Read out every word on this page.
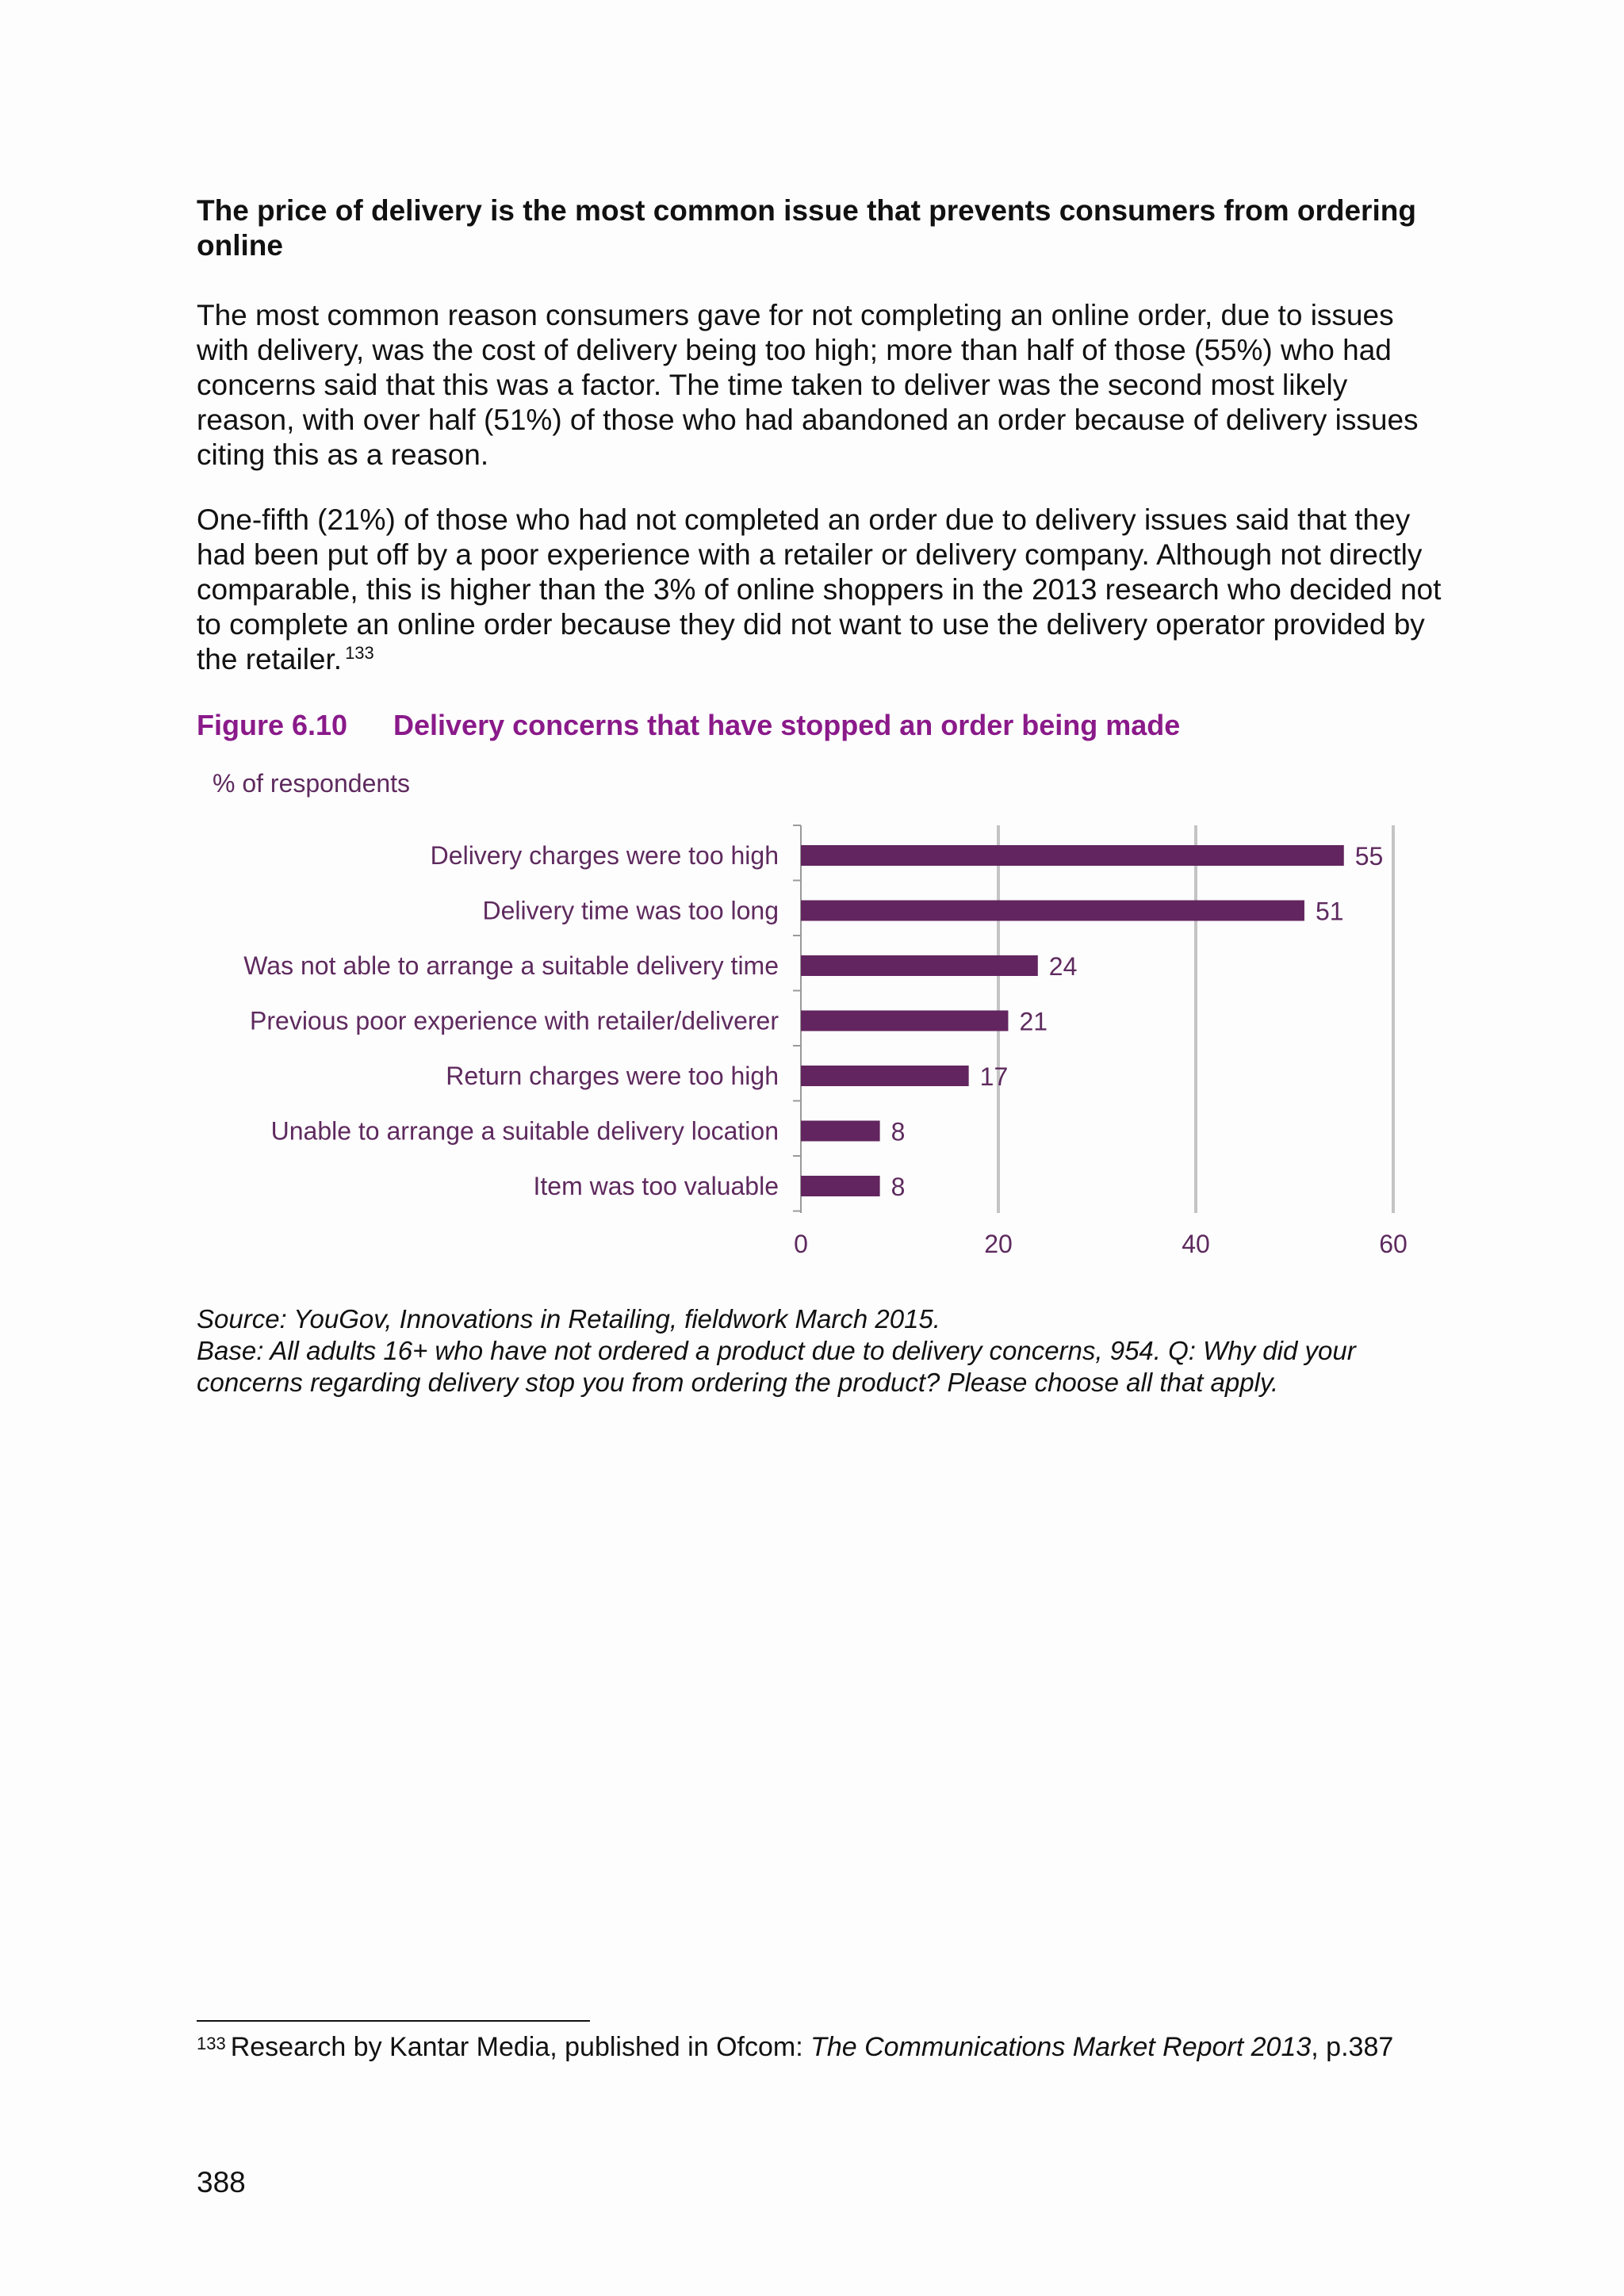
The price of delivery is the most common issue that prevents consumers from ordering online

The most common reason consumers gave for not completing an online order, due to issues with delivery, was the cost of delivery being too high; more than half of those (55%) who had concerns said that this was a factor. The time taken to deliver was the second most likely reason, with over half (51%) of those who had abandoned an order because of delivery issues citing this as a reason.

One-fifth (21%) of those who had not completed an order due to delivery issues said that they had been put off by a poor experience with a retailer or delivery company. Although not directly comparable, this is higher than the 3% of online shoppers in the 2013 research who decided not to complete an online order because they did not want to use the delivery operator provided by the retailer. $^{133}$

Figure 6.10 Delivery concerns that have stopped an order being made

% of respondents

Delivery charges were too high	55
Delivery time was too long	51
Was not able to arrange a suitable delivery time	24
Previous poor experience with retailer/deliverer	21
Return charges were too high	17
Unable to arrange a suitable delivery location	8
Item was too valuable	8
0	20	40	60
Source: YouGov, Innovations in Retailing, fieldwork March 2015.
Base: All adults 16+ who have not ordered a product due to delivery concerns, 954. Q: Why did your concerns regarding delivery stop you from ordering the product? Please choose all that apply.

$^{133}$ Research by Kantar Media, published in Ofcom: The Communications Market Report 2013, p.387

388
